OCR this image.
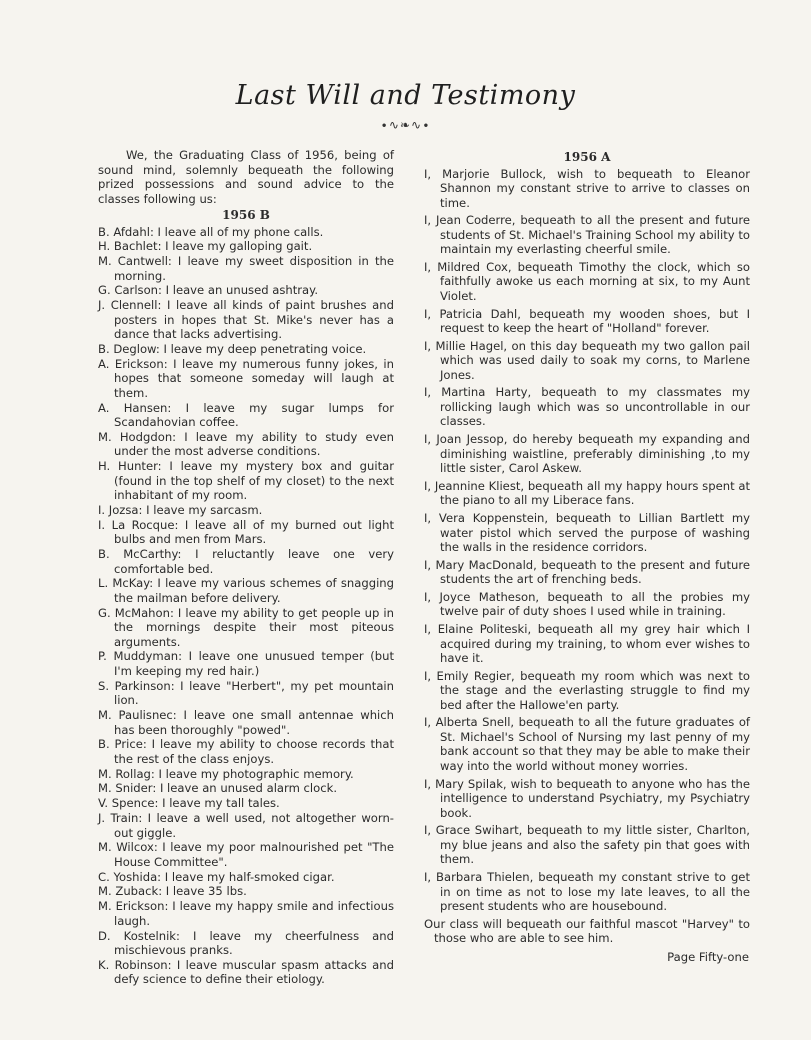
Last Will and Testimony
∙∿❧∿∙

We, the Graduating Class of 1956, being of sound mind, solemnly bequeath the following prized possessions and sound advice to the classes following us:

1956 B

B. Afdahl: I leave all of my phone calls.

H. Bachlet: I leave my galloping gait.

M. Cantwell: I leave my sweet disposition in the morning.

G. Carlson: I leave an unused ashtray.

J. Clennell: I leave all kinds of paint brushes and posters in hopes that St. Mike's never has a dance that lacks advertising.

B. Deglow: I leave my deep penetrating voice.

A. Erickson: I leave my numerous funny jokes, in hopes that someone someday will laugh at them.

A. Hansen: I leave my sugar lumps for Scandahovian coffee.

M. Hodgdon: I leave my ability to study even under the most adverse conditions.

H. Hunter: I leave my mystery box and guitar (found in the top shelf of my closet) to the next inhabitant of my room.

I. Jozsa: I leave my sarcasm.

I. La Rocque: I leave all of my burned out light bulbs and men from Mars.

B. McCarthy: I reluctantly leave one very comfortable bed.

L. McKay: I leave my various schemes of snagging the mailman before delivery.

G. McMahon: I leave my ability to get people up in the mornings despite their most piteous arguments.

P. Muddyman: I leave one unusued temper (but I'm keeping my red hair.)

S. Parkinson: I leave "Herbert", my pet mountain lion.

M. Paulisnec: I leave one small antennae which has been thoroughly "powed".

B. Price: I leave my ability to choose records that the rest of the class enjoys.

M. Rollag: I leave my photographic memory.

M. Snider: I leave an unused alarm clock.

V. Spence: I leave my tall tales.

J. Train: I leave a well used, not altogether worn-out giggle.

M. Wilcox: I leave my poor malnourished pet "The House Committee".

C. Yoshida: I leave my half-smoked cigar.

M. Zuback: I leave 35 lbs.

M. Erickson: I leave my happy smile and infectious laugh.

D. Kostelnik: I leave my cheerfulness and mischievous pranks.

K. Robinson: I leave muscular spasm attacks and defy science to define their etiology.

1956 A

I, Marjorie Bullock, wish to bequeath to Eleanor Shannon my constant strive to arrive to classes on time.

I, Jean Coderre, bequeath to all the present and future students of St. Michael's Training School my ability to maintain my everlasting cheerful smile.

I, Mildred Cox, bequeath Timothy the clock, which so faithfully awoke us each morning at six, to my Aunt Violet.

I, Patricia Dahl, bequeath my wooden shoes, but I request to keep the heart of "Holland" forever.

I, Millie Hagel, on this day bequeath my two gallon pail which was used daily to soak my corns, to Marlene Jones.

I, Martina Harty, bequeath to my classmates my rollicking laugh which was so uncontrollable in our classes.

I, Joan Jessop, do hereby bequeath my expanding and diminishing waistline, preferably diminishing ,to my little sister, Carol Askew.

I, Jeannine Kliest, bequeath all my happy hours spent at the piano to all my Liberace fans.

I, Vera Koppenstein, bequeath to Lillian Bartlett my water pistol which served the purpose of washing the walls in the residence corridors.

I, Mary MacDonald, bequeath to the present and future students the art of frenching beds.

I, Joyce Matheson, bequeath to all the probies my twelve pair of duty shoes I used while in training.

I, Elaine Politeski, bequeath all my grey hair which I acquired during my training, to whom ever wishes to have it.

I, Emily Regier, bequeath my room which was next to the stage and the everlasting struggle to find my bed after the Hallowe'en party.

I, Alberta Snell, bequeath to all the future graduates of St. Michael's School of Nursing my last penny of my bank account so that they may be able to make their way into the world without money worries.

I, Mary Spilak, wish to bequeath to anyone who has the intelligence to understand Psychiatry, my Psychiatry book.

I, Grace Swihart, bequeath to my little sister, Charlton, my blue jeans and also the safety pin that goes with them.

I, Barbara Thielen, bequeath my constant strive to get in on time as not to lose my late leaves, to all the present students who are housebound.

Our class will bequeath our faithful mascot "Harvey" to those who are able to see him.

Page Fifty-one
